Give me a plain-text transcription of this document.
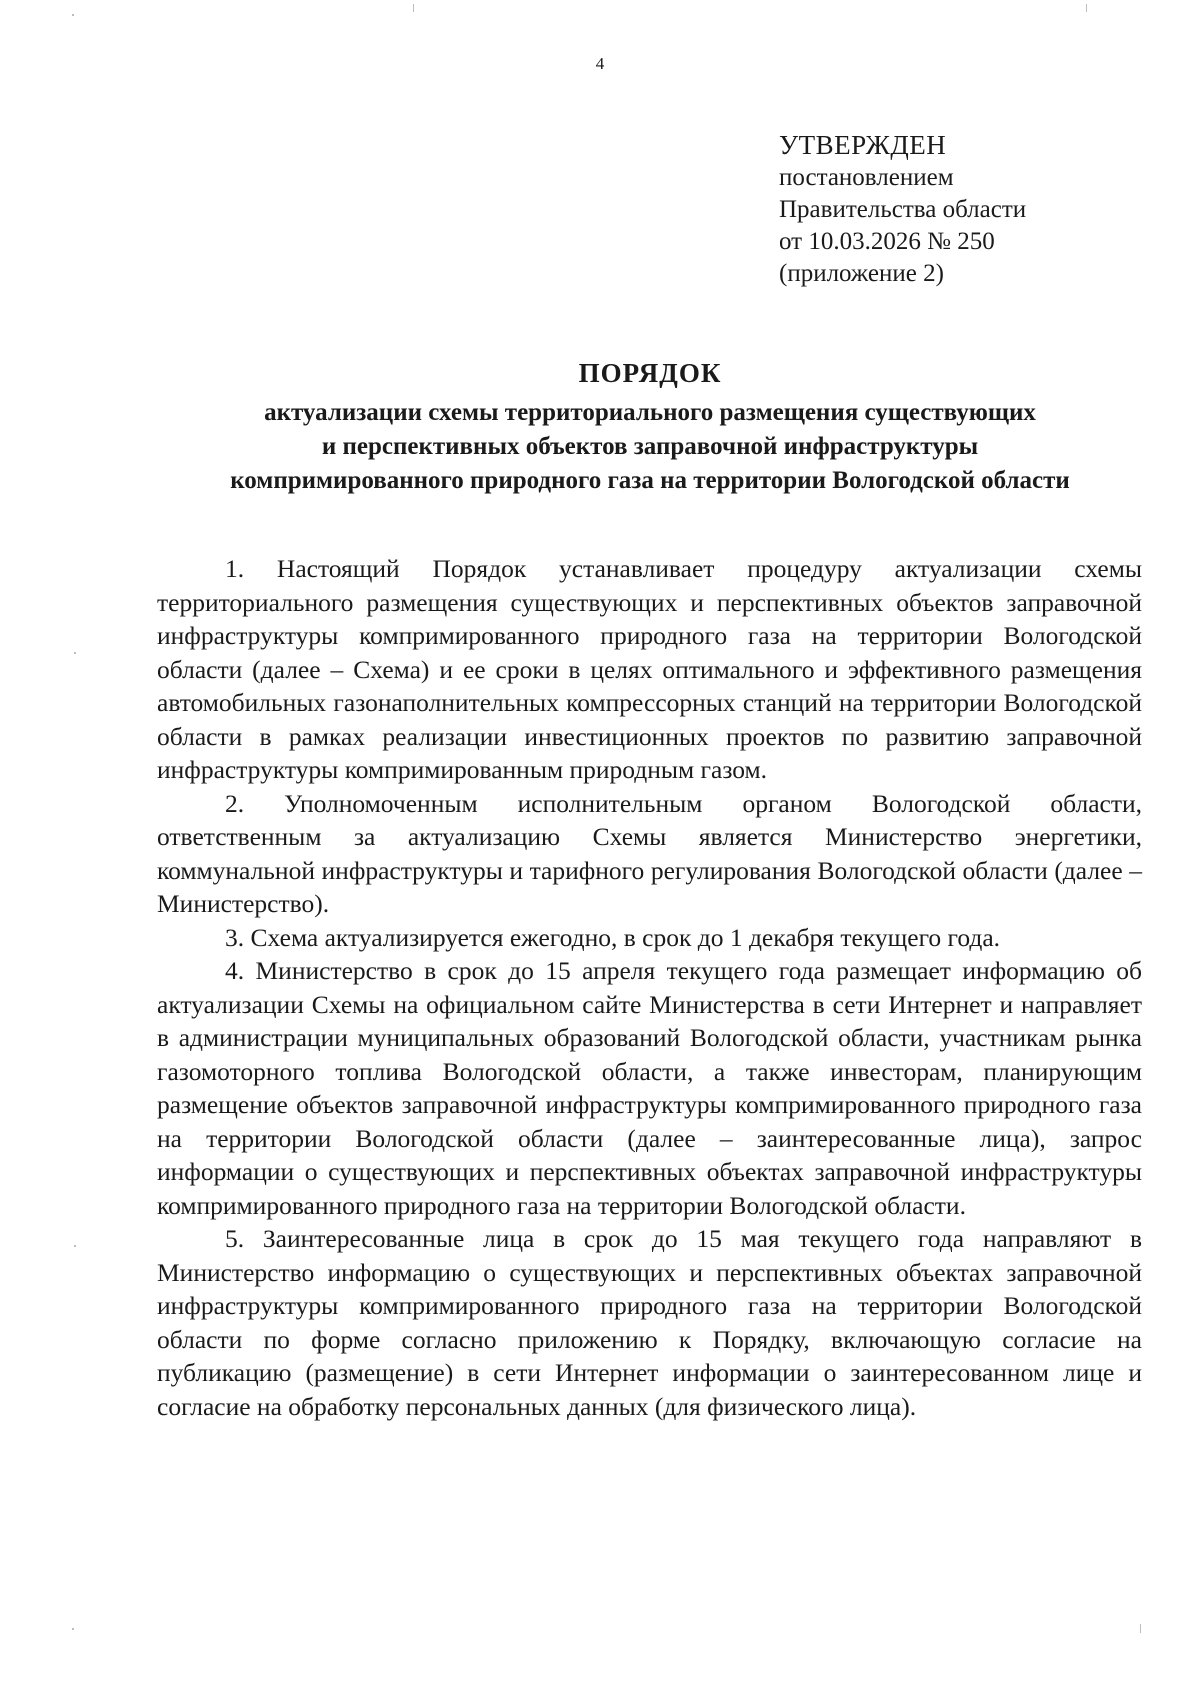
4
УТВЕРЖДЕН
постановлением
Правительства области
от 10.03.2026 № 250
(приложение 2)
ПОРЯДОК
актуализации схемы территориального размещения существующих
и перспективных объектов заправочной инфраструктуры
компримированного природного газа на территории Вологодской области

1. Настоящий Порядок устанавливает процедуру актуализации схемы территориального размещения существующих и перспективных объектов заправочной инфраструктуры компримированного природного газа на территории Вологодской области (далее – Схема) и ее сроки в целях оптимального и эффективного размещения автомобильных газонаполнительных компрессорных станций на территории Вологодской области в рамках реализации инвестиционных проектов по развитию заправочной инфраструктуры компримированным природным газом.

2. Уполномоченным исполнительным органом Вологодской области, ответственным за актуализацию Схемы является Министерство энергетики, коммунальной инфраструктуры и тарифного регулирования Вологодской области (далее – Министерство).

3. Схема актуализируется ежегодно, в срок до 1 декабря текущего года.

4. Министерство в срок до 15 апреля текущего года размещает информацию об актуализации Схемы на официальном сайте Министерства в сети Интернет и направляет в администрации муниципальных образований Вологодской области, участникам рынка газомоторного топлива Вологодской области, а также инвесторам, планирующим размещение объектов заправочной инфраструктуры компримированного природного газа на территории Вологодской области (далее – заинтересованные лица), запрос информации о существующих и перспективных объектах заправочной инфраструктуры компримированного природного газа на территории Вологодской области.

5. Заинтересованные лица в срок до 15 мая текущего года направляют в Министерство информацию о существующих и перспективных объектах заправочной инфраструктуры компримированного природного газа на территории Вологодской области по форме согласно приложению к Порядку, включающую согласие на публикацию (размещение) в сети Интернет информации о заинтересованном лице и согласие на обработку персональных данных (для физического лица).
